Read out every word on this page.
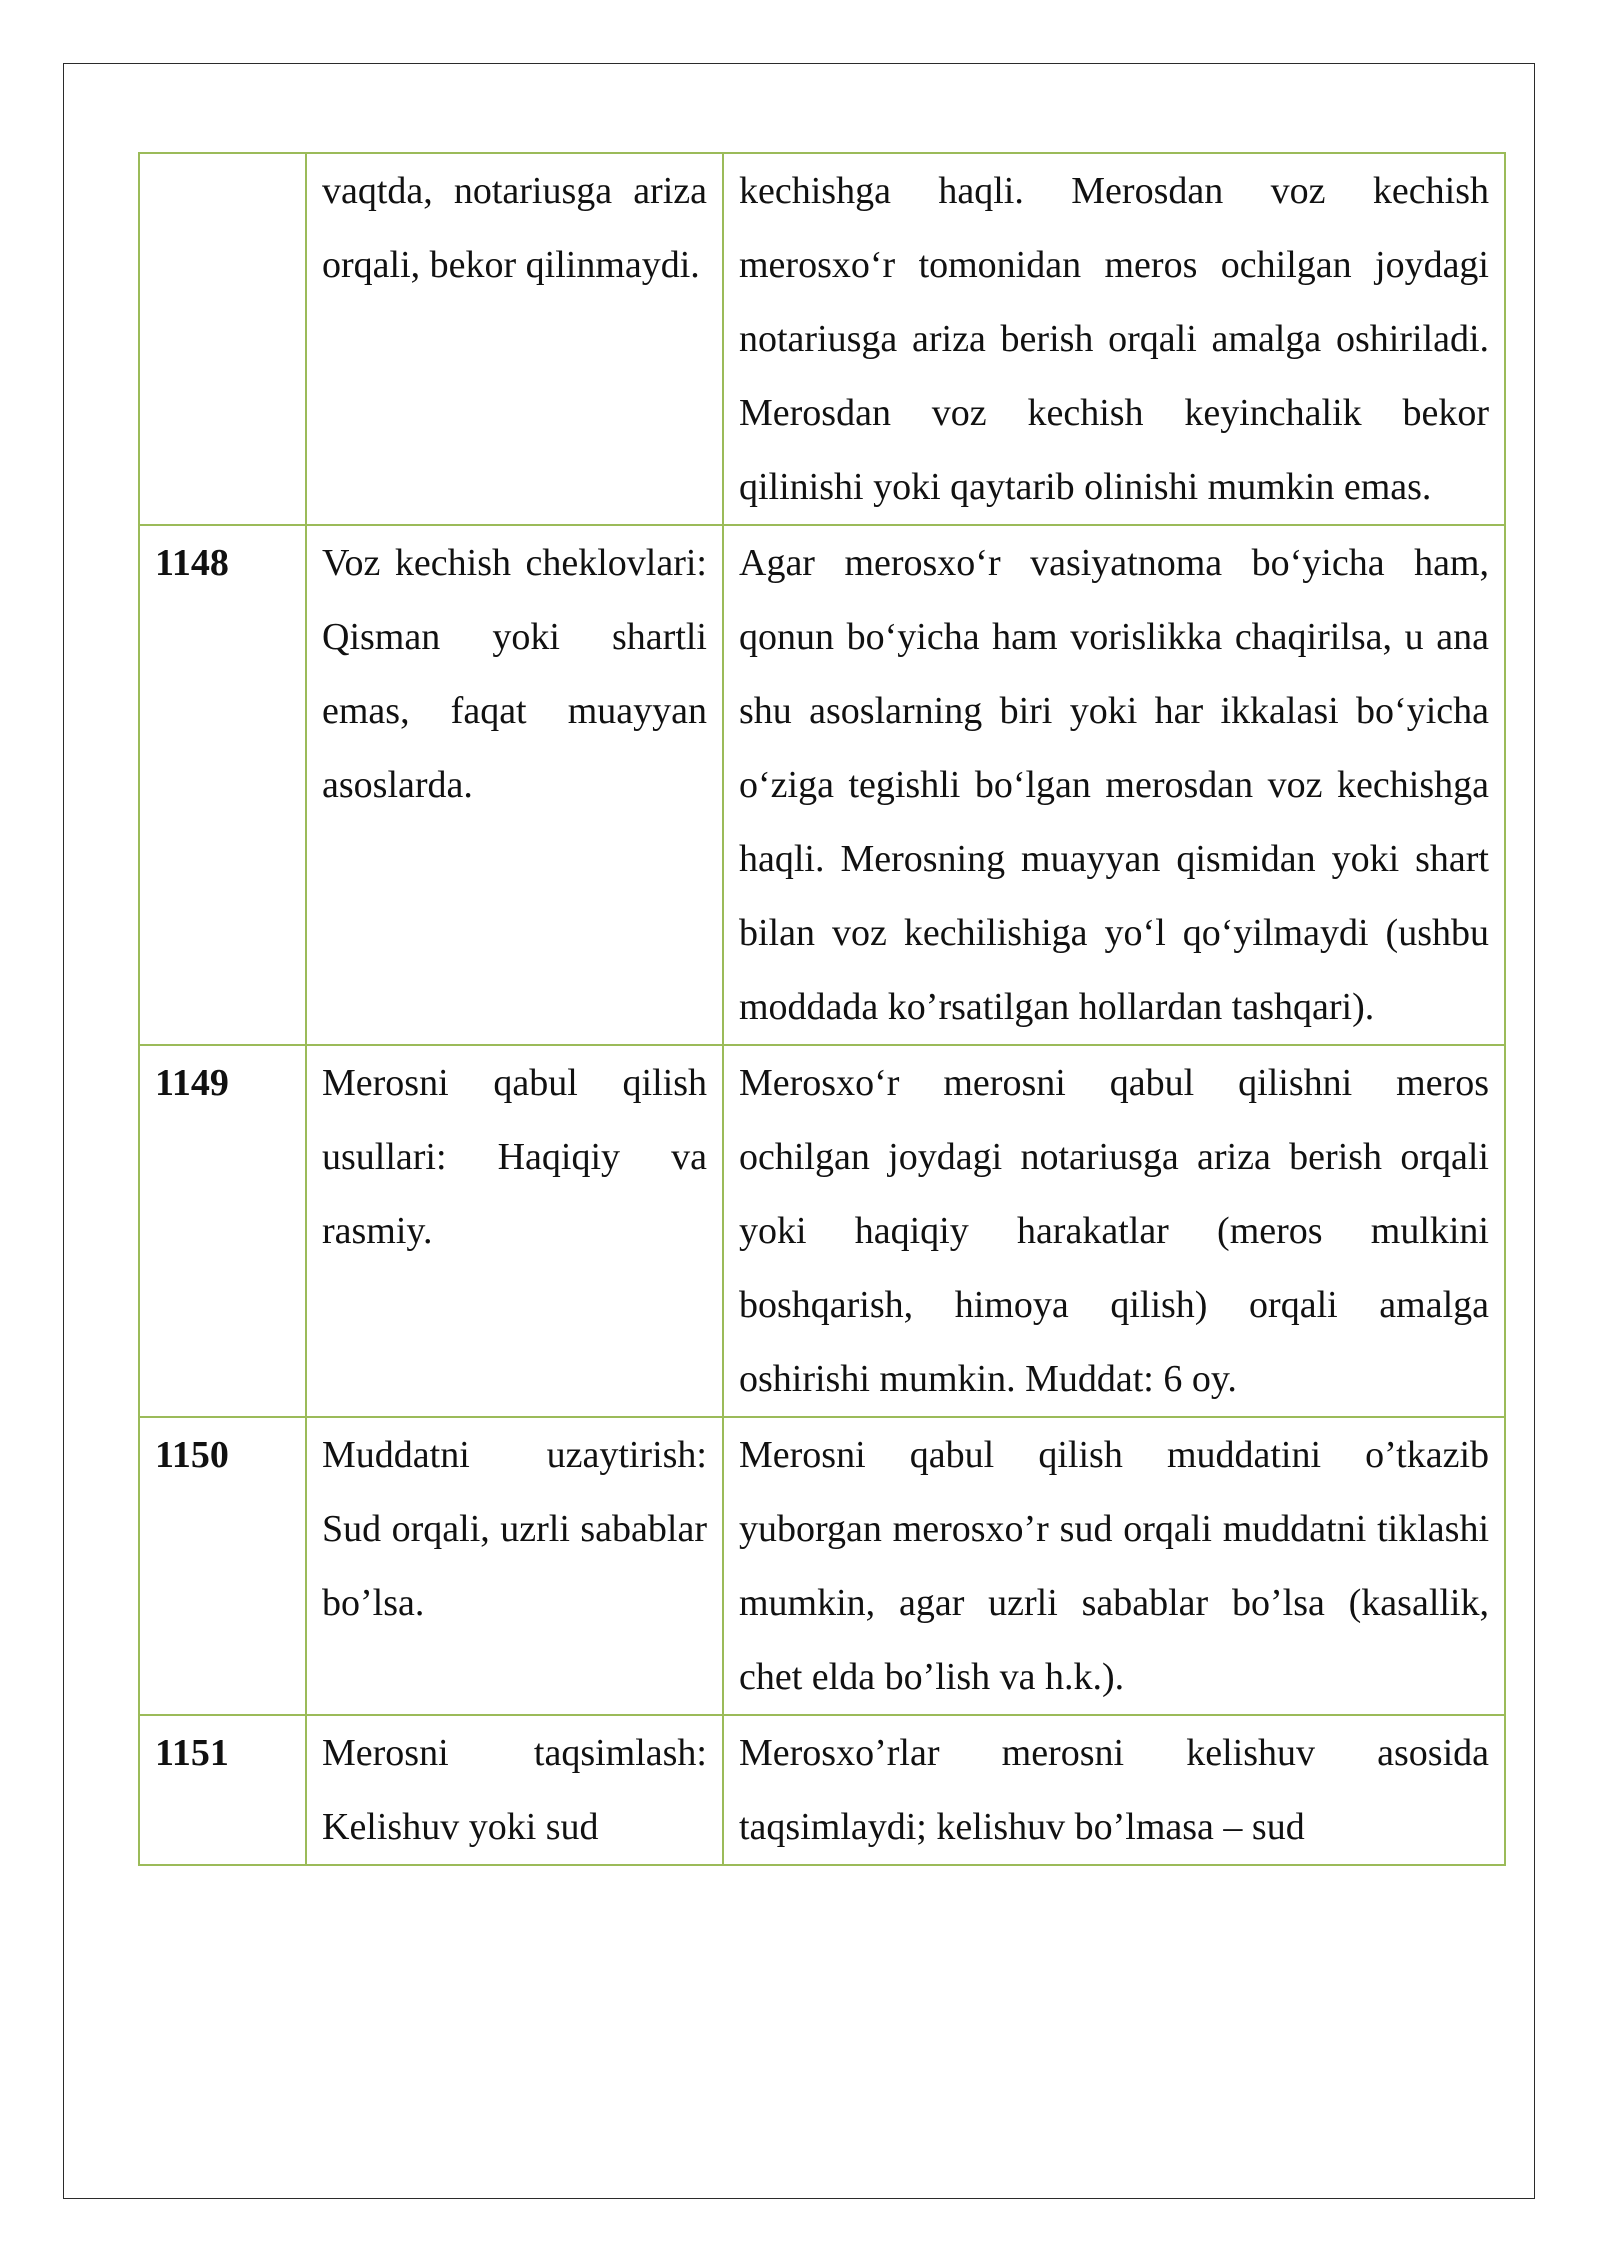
	vaqtda, notariusga ariza orqali, bekor qilinmaydi.	kechishga haqli. Merosdan voz kechish merosxoʻr tomonidan meros ochilgan joydagi notariusga ariza berish orqali amalga oshiriladi. Merosdan voz kechish keyinchalik bekor qilinishi yoki qaytarib olinishi mumkin emas.
1148	Voz kechish cheklovlari: Qisman yoki shartli emas, faqat muayyan asoslarda.	Agar merosxoʻr vasiyatnoma boʻyicha ham, qonun boʻyicha ham vorislikka chaqirilsa, u ana shu asoslarning biri yoki har ikkalasi boʻyicha oʻziga tegishli boʻlgan merosdan voz kechishga haqli. Merosning muayyan qismidan yoki shart bilan voz kechilishiga yoʻl qoʻyilmaydi (ushbu moddada ko’rsatilgan hollardan tashqari).
1149	Merosni qabul qilish usullari: Haqiqiy va rasmiy.	Merosxoʻr merosni qabul qilishni meros ochilgan joydagi notariusga ariza berish orqali yoki haqiqiy harakatlar (meros mulkini boshqarish, himoya qilish) orqali amalga oshirishi mumkin. Muddat: 6 oy.
1150	Muddatni uzaytirish: Sud orqali, uzrli sabablar bo’lsa.	Merosni qabul qilish muddatini o’tkazib yuborgan merosxo’r sud orqali muddatni tiklashi mumkin, agar uzrli sabablar bo’lsa (kasallik, chet elda bo’lish va h.k.).
1151	Merosni taqsimlash: Kelishuv yoki sud	Merosxo’rlar merosni kelishuv asosida taqsimlaydi; kelishuv bo’lmasa – sud
